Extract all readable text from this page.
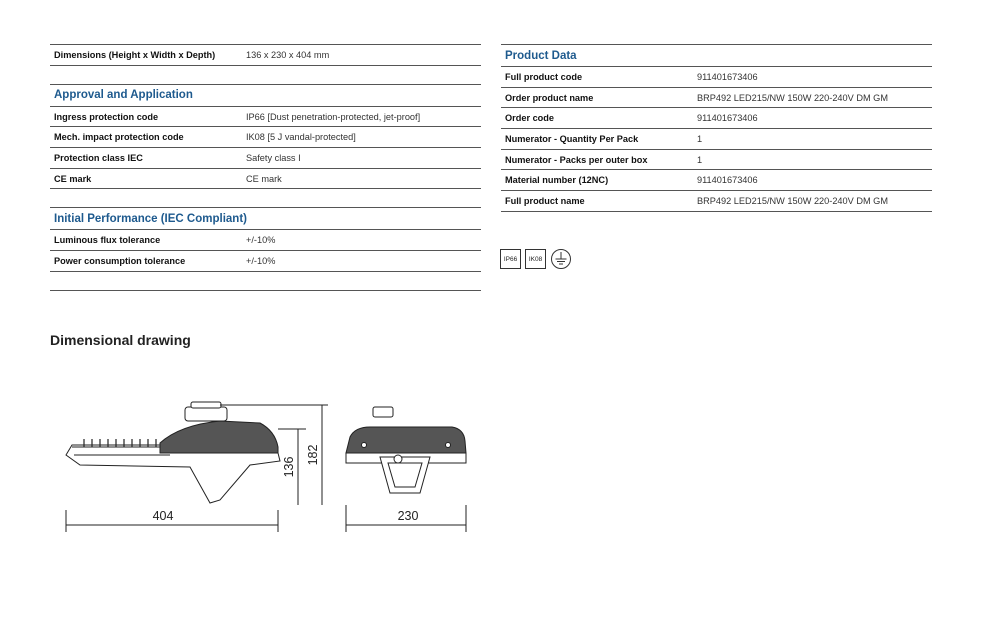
Dimensions (Height x Width x Depth)	136 x 230 x 404 mm
Approval and Application
Ingress protection code	IP66 [Dust penetration-protected, jet-proof]
Mech. impact protection code	IK08 [5 J vandal-protected]
Protection class IEC	Safety class I
CE mark	CE mark
Initial Performance (IEC Compliant)
Luminous flux tolerance	+/-10%
Power consumption tolerance	+/-10%
Product Data
Full product code	911401673406
Order product name	BRP492 LED215/NW 150W 220-240V DM GM
Order code	911401673406
Numerator - Quantity Per Pack	1
Numerator - Packs per outer box	1
Material number (12NC)	911401673406
Full product name	BRP492 LED215/NW 150W 220-240V DM GM
IP66	IK08
Dimensional drawing
404	230
136
182
